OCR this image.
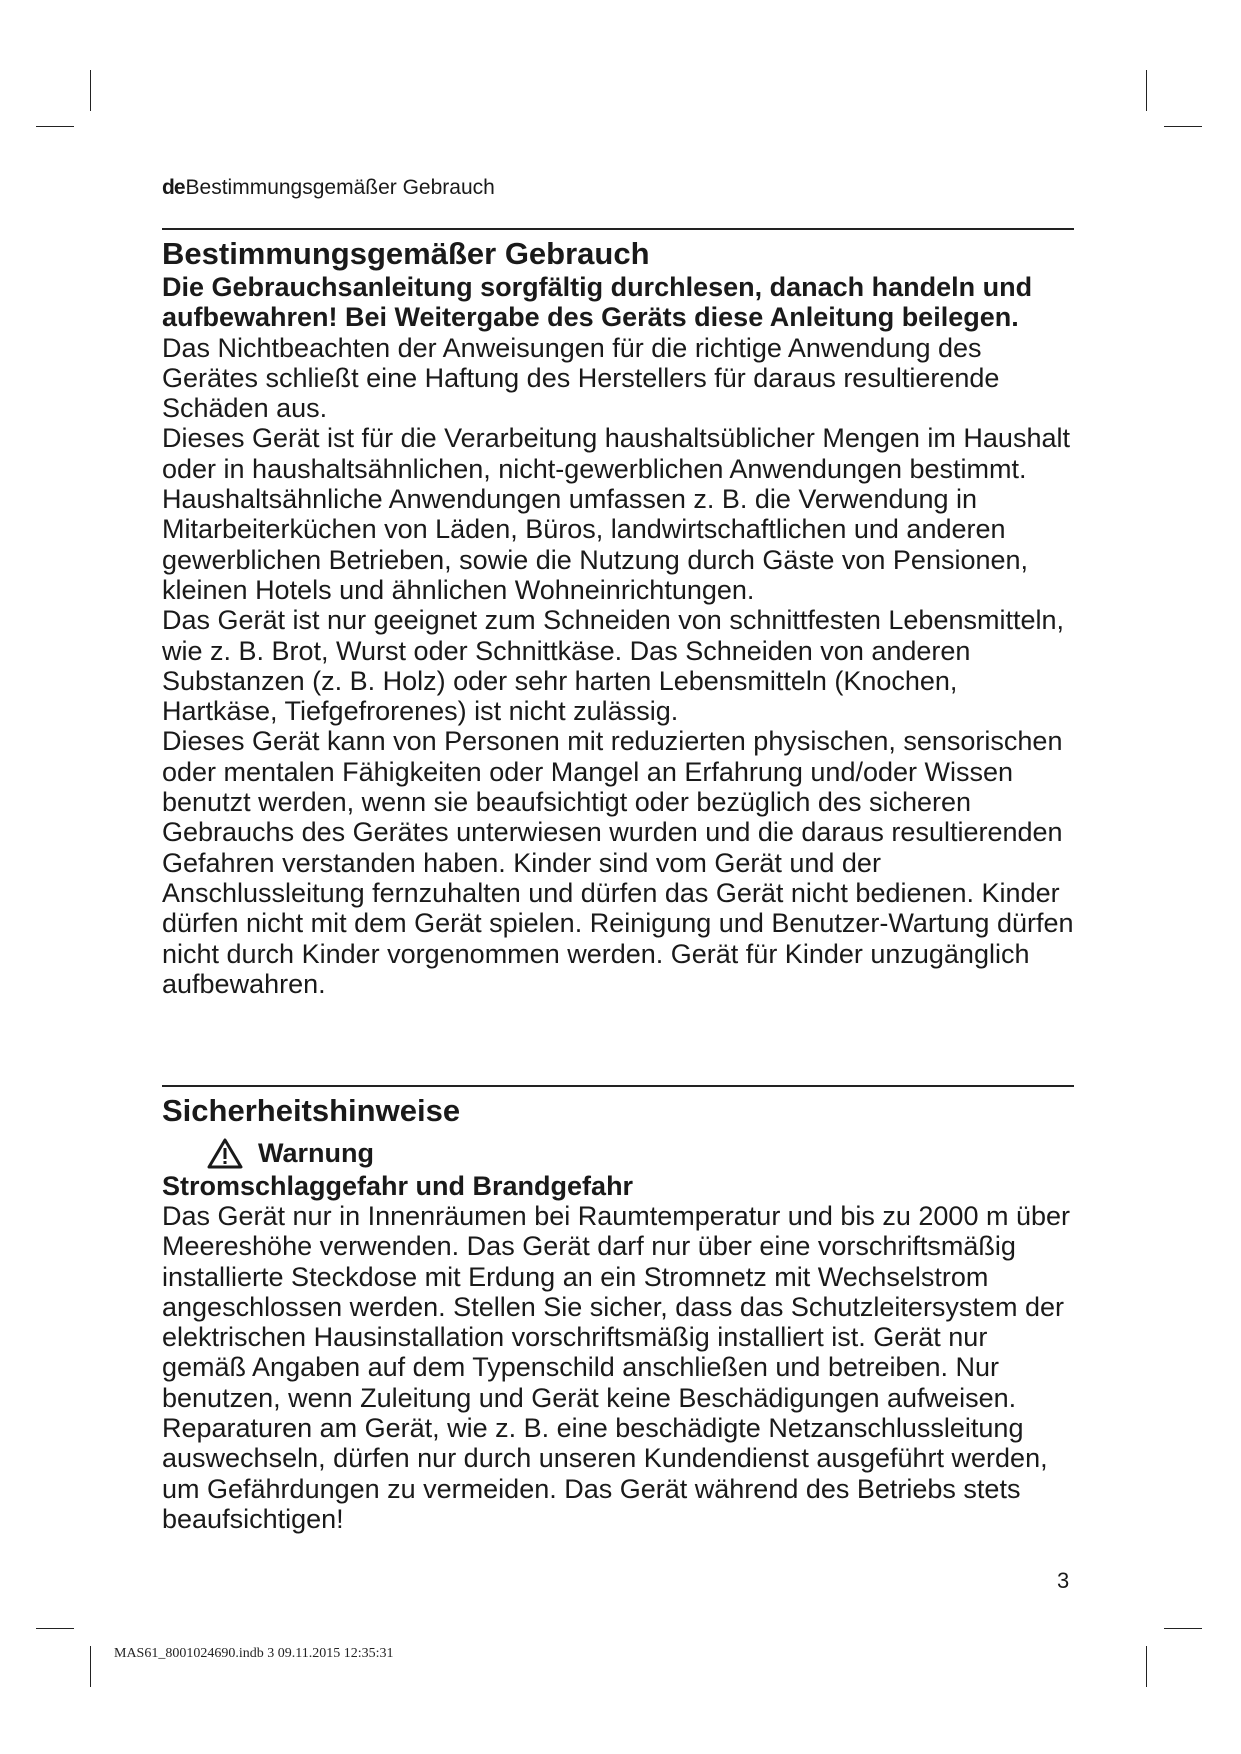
deBestimmungsgemäßer Gebrauch
Bestimmungsgemäßer Gebrauch

Die Gebrauchsanleitung sorgfältig durchlesen, danach handeln und aufbewahren! Bei Weitergabe des Geräts diese Anleitung beilegen.

Das Nichtbeachten der Anweisungen für die richtige Anwendung des Gerätes schließt eine Haftung des Herstellers für daraus resultierende Schäden aus.

Dieses Gerät ist für die Verarbeitung haushaltsüblicher Mengen im Haushalt oder in haushaltsähnlichen, nicht-gewerblichen Anwendungen bestimmt. Haushaltsähnliche Anwendungen umfassen z. B. die Verwendung in Mitarbeiterküchen von Läden, Büros, landwirtschaftlichen und anderen gewerblichen Betrieben, sowie die Nutzung durch Gäste von Pensionen, kleinen Hotels und ähnlichen Wohneinrichtungen.

Das Gerät ist nur geeignet zum Schneiden von schnittfesten Lebensmitteln, wie z. B. Brot, Wurst oder Schnittkäse. Das Schneiden von anderen Substanzen (z. B. Holz) oder sehr harten Lebensmitteln (Knochen, Hartkäse, Tiefgefrorenes) ist nicht zulässig.

Dieses Gerät kann von Personen mit reduzierten physischen, sensorischen oder mentalen Fähigkeiten oder Mangel an Erfahrung und/oder Wissen benutzt werden, wenn sie beaufsichtigt oder bezüglich des sicheren Gebrauchs des Gerätes unterwiesen wurden und die daraus resultierenden Gefahren verstanden haben. Kinder sind vom Gerät und der Anschlussleitung fernzuhalten und dürfen das Gerät nicht bedienen. Kinder dürfen nicht mit dem Gerät spielen. Reinigung und Benutzer-Wartung dürfen nicht durch Kinder vorgenommen werden. Gerät für Kinder unzugänglich aufbewahren.

Sicherheitshinweise
Warnung
Stromschlaggefahr und Brandgefahr

Das Gerät nur in Innenräumen bei Raumtemperatur und bis zu 2000 m über Meereshöhe verwenden. Das Gerät darf nur über eine vorschriftsmäßig installierte Steckdose mit Erdung an ein Stromnetz mit Wechselstrom angeschlossen werden. Stellen Sie sicher, dass das Schutzleitersystem der elektrischen Hausinstallation vorschriftsmäßig installiert ist. Gerät nur gemäß Angaben auf dem Typenschild anschließen und betreiben. Nur benutzen, wenn Zuleitung und Gerät keine Beschädigungen aufweisen. Reparaturen am Gerät, wie z. B. eine beschädigte Netzanschlussleitung auswechseln, dürfen nur durch unseren Kundendienst ausgeführt werden, um Gefährdungen zu vermeiden. Das Gerät während des Betriebs stets beaufsichtigen!

3
MAS61_8001024690.indb 3 09.11.2015 12:35:31
